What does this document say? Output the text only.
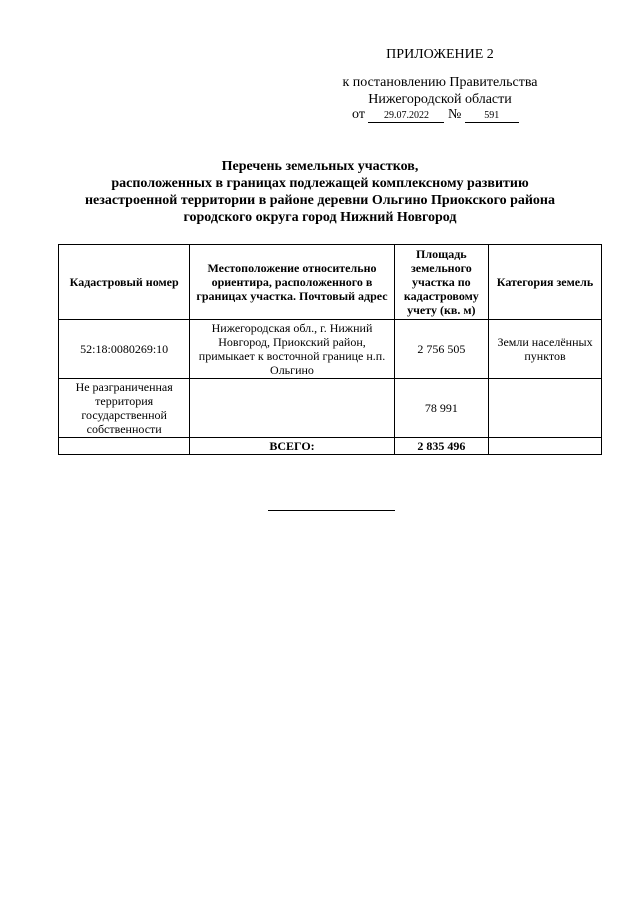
ПРИЛОЖЕНИЕ 2
к постановлению Правительства
Нижегородской области
от 29.07.2022 № 591
Перечень земельных участков,
расположенных в границах подлежащей комплексному развитию
незастроенной территории в районе деревни Ольгино Приокского района
городского округа город Нижний Новгород
Кадастровый номер	Местоположение относительно ориентира, расположенного в границах участка. Почтовый адрес	Площадь земельного участка по кадастровому учету (кв. м)	Категория земель
52:18:0080269:10	Нижегородская обл., г. Нижний Новгород, Приокский район, примыкает к восточной границе н.п. Ольгино	2 756 505	Земли населённых пунктов
Не разграниченная территория государственной собственности		78 991	
	ВСЕГО:	2 835 496	
